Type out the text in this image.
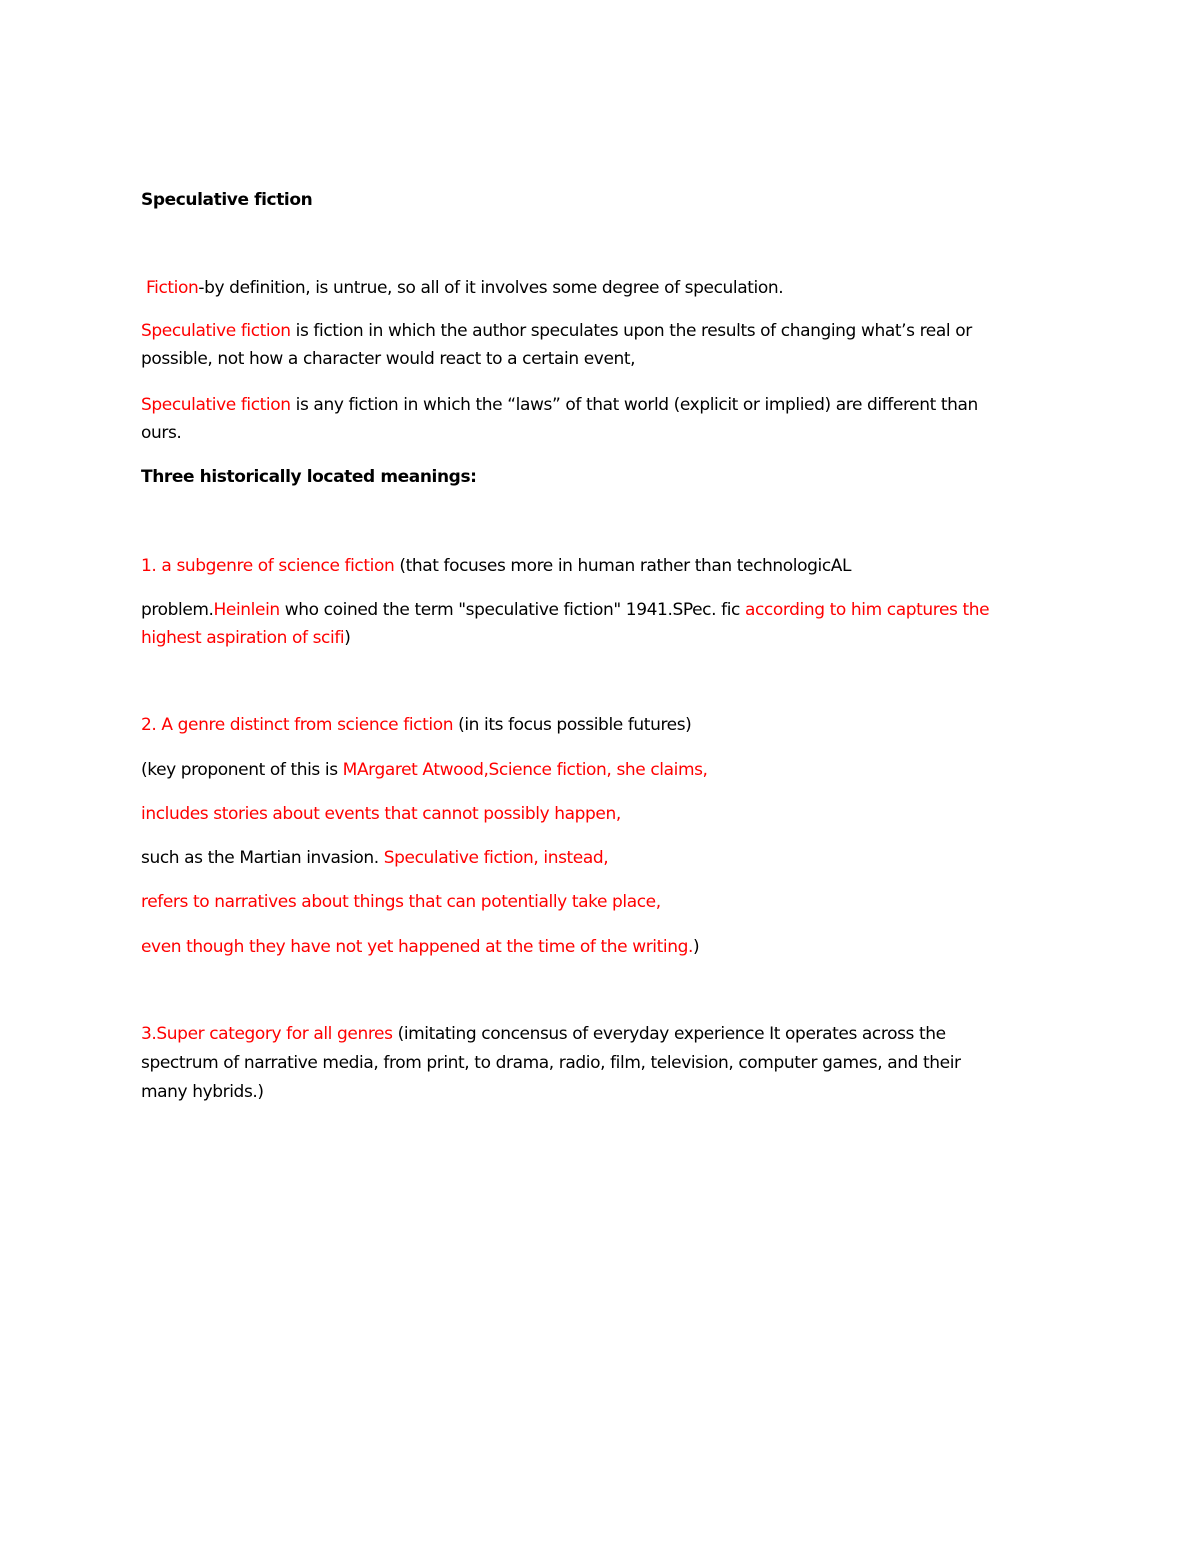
Speculative fiction
Fiction-by definition, is untrue, so all of it involves some degree of speculation.
Speculative fiction is fiction in which the author speculates upon the results of changing what’s real or
possible, not how a character would react to a certain event,
Speculative fiction is any fiction in which the “laws” of that world (explicit or implied) are different than
ours.
Three historically located meanings:
1. a subgenre of science fiction (that focuses more in human rather than technologicAL
problem.Heinlein who coined the term "speculative fiction" 1941.SPec. fic according to him captures the
highest aspiration of scifi)
2. A genre distinct from science fiction (in its focus possible futures)
(key proponent of this is MArgaret Atwood,Science fiction, she claims,
includes stories about events that cannot possibly happen,
such as the Martian invasion. Speculative fiction, instead,
refers to narratives about things that can potentially take place,
even though they have not yet happened at the time of the writing.)
3.Super category for all genres (imitating concensus of everyday experience It operates across the
spectrum of narrative media, from print, to drama, radio, film, television, computer games, and their
many hybrids.)
